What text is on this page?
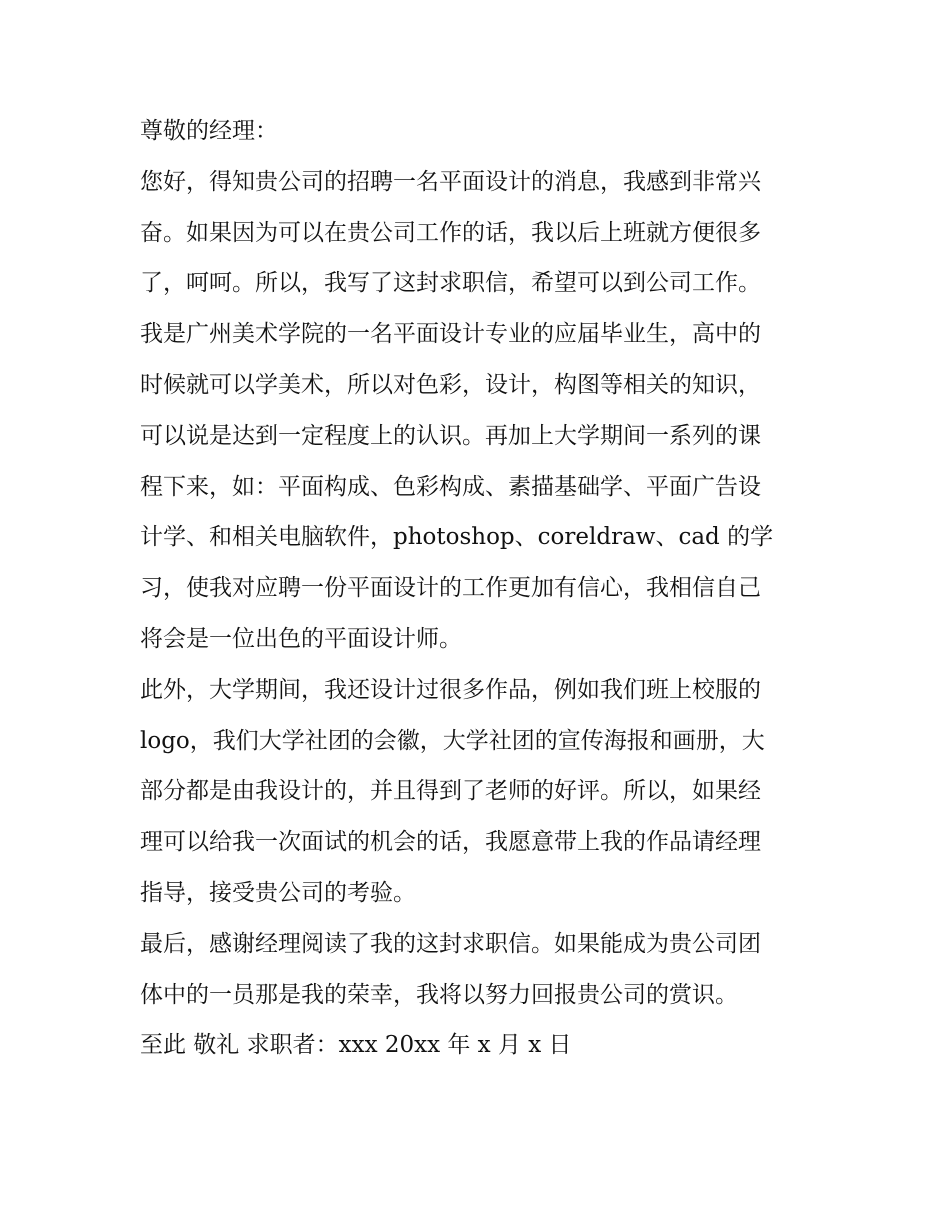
尊敬的经理：

您好，得知贵公司的招聘一名平面设计的消息，我感到非常兴
奋。如果因为可以在贵公司工作的话，我以后上班就方便很多
了，呵呵。所以，我写了这封求职信，希望可以到公司工作。

我是广州美术学院的一名平面设计专业的应届毕业生，高中的
时候就可以学美术，所以对色彩，设计，构图等相关的知识，
可以说是达到一定程度上的认识。再加上大学期间一系列的课
程下来，如：平面构成、色彩构成、素描基础学、平面广告设
计学、和相关电脑软件，photoshop、coreldraw、cad 的学
习，使我对应聘一份平面设计的工作更加有信心，我相信自己
将会是一位出色的平面设计师。

此外，大学期间，我还设计过很多作品，例如我们班上校服的
logo，我们大学社团的会徽，大学社团的宣传海报和画册，大
部分都是由我设计的，并且得到了老师的好评。所以，如果经
理可以给我一次面试的机会的话，我愿意带上我的作品请经理
指导，接受贵公司的考验。

最后，感谢经理阅读了我的这封求职信。如果能成为贵公司团
体中的一员那是我的荣幸，我将以努力回报贵公司的赏识。

至此 敬礼 求职者：xxx 20xx 年 x 月 x 日
